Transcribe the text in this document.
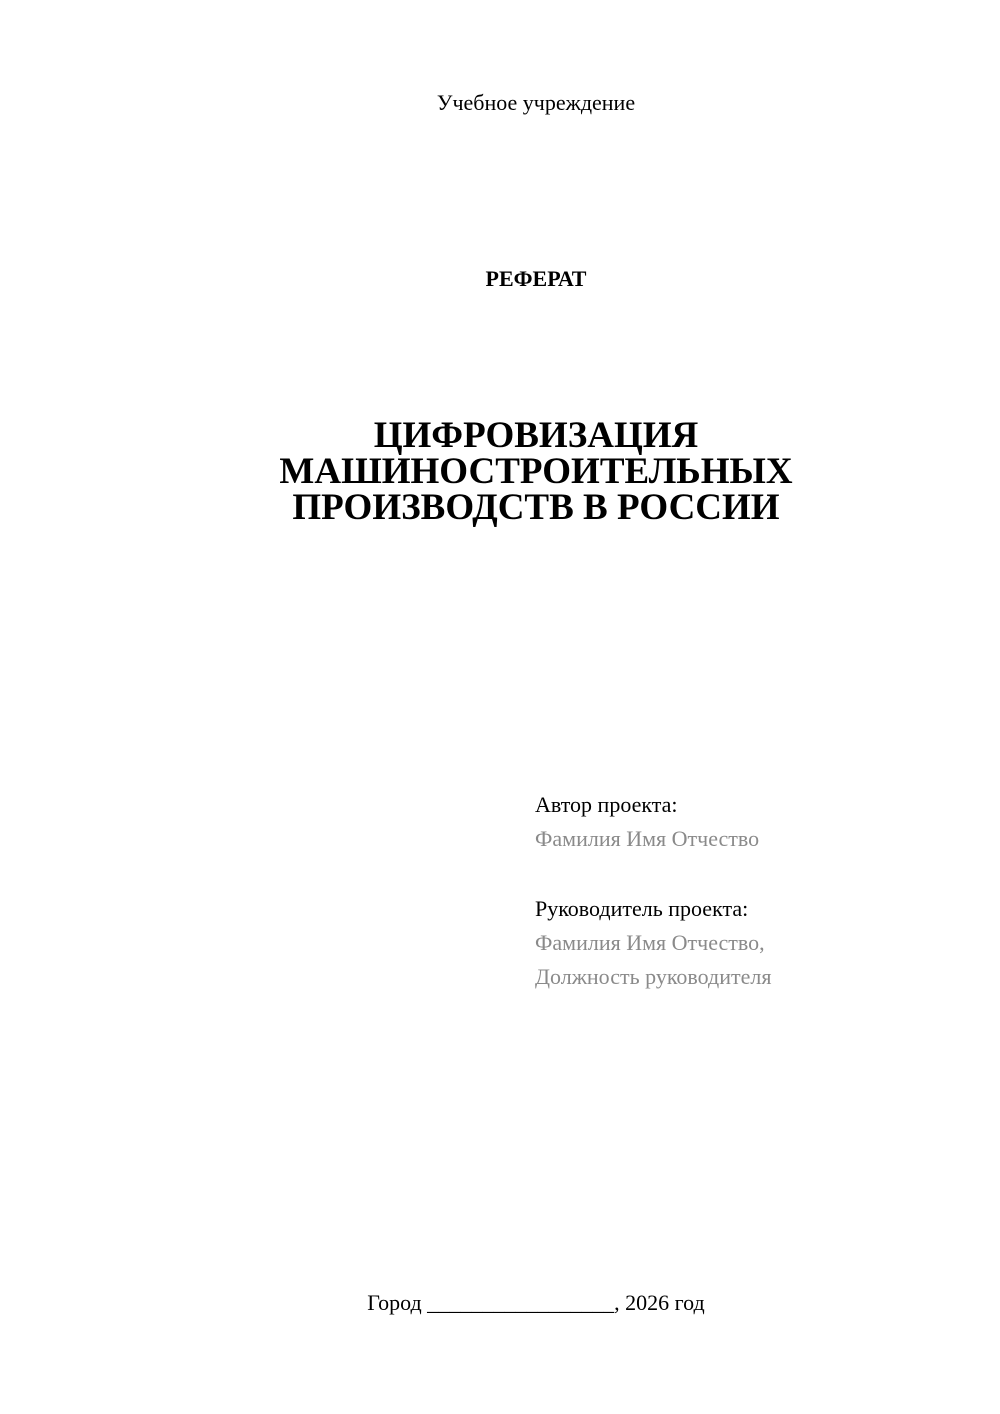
Учебное учреждение
РЕФЕРАТ
ЦИФРОВИЗАЦИЯ
МАШИНОСТРОИТЕЛЬНЫХ
ПРОИЗВОДСТВ В РОССИИ
Автор проекта:
Фамилия Имя Отчество
Руководитель проекта:
Фамилия Имя Отчество,
Должность руководителя
Город _________________, 2026 год
